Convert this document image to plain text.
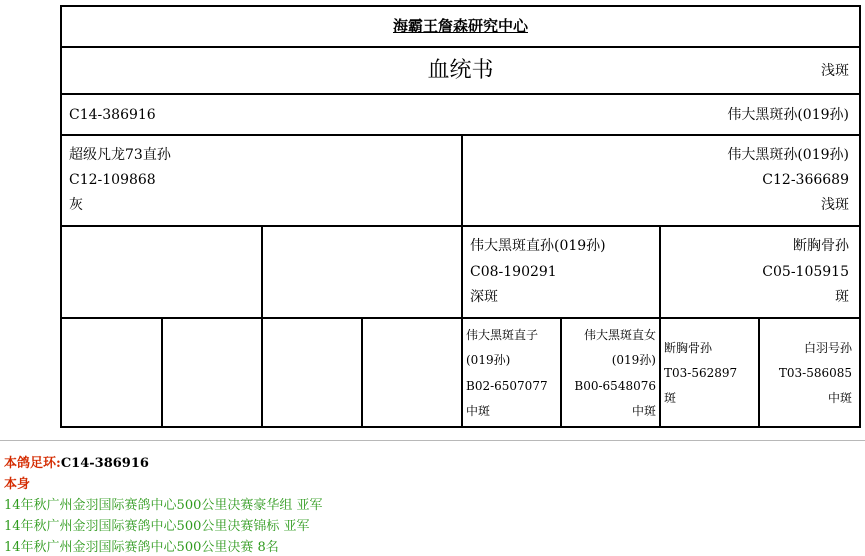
海霸王詹森研究中心
血统书	浅斑
C14-386916	伟大黑斑孙(019孙)
超级凡龙73直孙
C12-109868
灰
伟大黑斑孙(019孙)
C12-366689
浅斑
伟大黑斑直孙(019孙)
C08-190291
深斑
断胸骨孙
C05-105915
斑
伟大黑斑直子
(019孙)
B02-6507077
中斑
伟大黑斑直女
(019孙)
B00-6548076
中斑
断胸骨孙
T03-562897
斑
白羽号孙
T03-586085
中斑
本鸽足环:C14-386916
本身
14年秋广州金羽国际赛鸽中心500公里决赛豪华组 亚军
14年秋广州金羽国际赛鸽中心500公里决赛锦标 亚军
14年秋广州金羽国际赛鸽中心500公里决赛 8名
